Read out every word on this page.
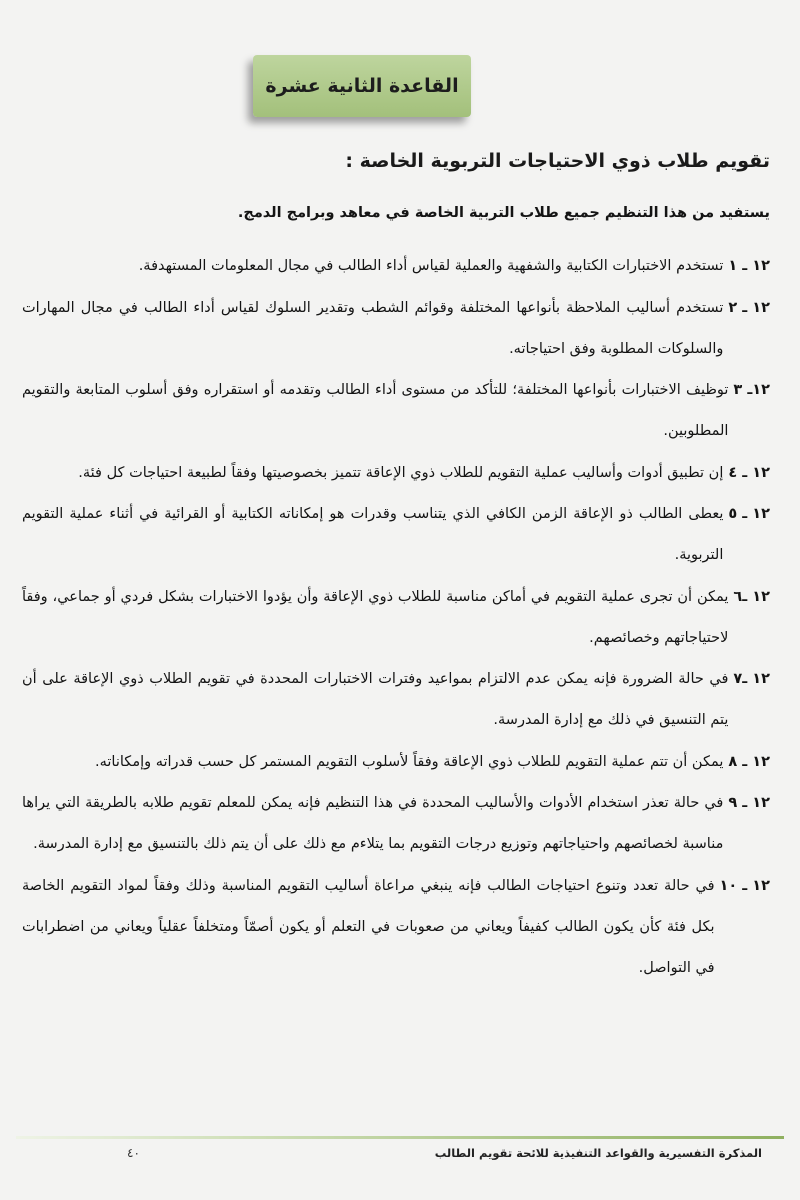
القاعدة الثانية عشرة
تقويم طلاب ذوي الاحتياجات التربوية الخاصة :

يستفيد من هذا التنظيم جميع طلاب التربية الخاصة في معاهد وبرامج الدمج.

١٢ ـ ١
تستخدم الاختبارات الكتابية والشفهية والعملية لقياس أداء الطالب في مجال المعلومات المستهدفة.
١٢ ـ ٢
تستخدم أساليب الملاحظة بأنواعها المختلفة وقوائم الشطب وتقدير السلوك لقياس أداء الطالب في مجال المهارات والسلوكات المطلوبة وفق احتياجاته.
١٢ـ ٣
توظيف الاختبارات بأنواعها المختلفة؛ للتأكد من مستوى أداء الطالب وتقدمه أو استقراره وفق أسلوب المتابعة والتقويم المطلوبين.
١٢ ـ ٤
إن تطبيق أدوات وأساليب عملية التقويم للطلاب ذوي الإعاقة تتميز بخصوصيتها وفقاً لطبيعة احتياجات كل فئة.
١٢ ـ ٥
يعطى الطالب ذو الإعاقة الزمن الكافي الذي يتناسب وقدرات هو إمكاناته الكتابية أو القرائية في أثناء عملية التقويم التربوية.
١٢ ـ٦
يمكن أن تجرى عملية التقويم في أماكن مناسبة للطلاب ذوي الإعاقة وأن يؤدوا الاختبارات بشكل فردي أو جماعي، وفقاً لاحتياجاتهم وخصائصهم.
١٢ ـ٧
في حالة الضرورة فإنه يمكن عدم الالتزام بمواعيد وفترات الاختبارات المحددة في تقويم الطلاب ذوي الإعاقة على أن يتم التنسيق في ذلك مع إدارة المدرسة.
١٢ ـ ٨
يمكن أن تتم عملية التقويم للطلاب ذوي الإعاقة وفقاً لأسلوب التقويم المستمر كل حسب قدراته وإمكاناته.
١٢ ـ ٩
في حالة تعذر استخدام الأدوات والأساليب المحددة في هذا التنظيم فإنه يمكن للمعلم تقويم طلابه بالطريقة التي يراها مناسبة لخصائصهم واحتياجاتهم وتوزيع درجات التقويم بما يتلاءم مع ذلك على أن يتم ذلك بالتنسيق مع إدارة المدرسة.
١٢ ـ ١٠
في حالة تعدد وتنوع احتياجات الطالب فإنه ينبغي مراعاة أساليب التقويم المناسبة وذلك وفقاً لمواد التقويم الخاصة بكل فئة كأن يكون الطالب كفيفاً ويعاني من صعوبات في التعلم أو يكون أصمّاً ومتخلفاً عقلياً ويعاني من اضطرابات في التواصل.
المذكرة التفسيرية والقواعد التنفيذية للائحة تقويم الطالب
٤٠
